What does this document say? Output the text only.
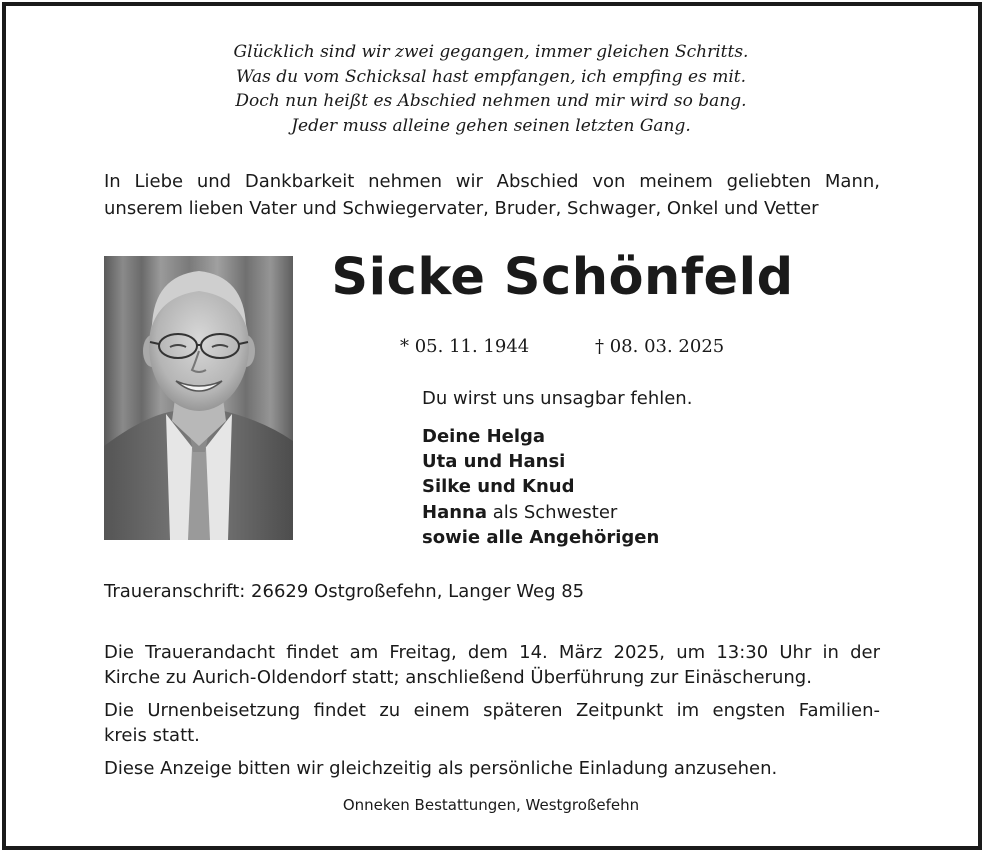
Glücklich sind wir zwei gegangen, immer gleichen Schritts.
Was du vom Schicksal hast empfangen, ich empfing es mit.
Doch nun heißt es Abschied nehmen und mir wird so bang.
Jeder muss alleine gehen seinen letzten Gang.
In Liebe und Dankbarkeit nehmen wir Abschied von meinem geliebten Mann,
unserem lieben Vater und Schwiegervater, Bruder, Schwager, Onkel und Vetter
Sicke Schönfeld
* 05. 11. 1944	† 08. 03. 2025
Du wirst uns unsagbar fehlen.
Deine Helga
Uta und Hansi
Silke und Knud
Hanna als Schwester
sowie alle Angehörigen
Traueranschrift: 26629 Ostgroßefehn, Langer Weg 85
Die Trauerandacht findet am Freitag, dem 14. März 2025, um 13:30 Uhr in der
Kirche zu Aurich-Oldendorf statt; anschließend Überführung zur Einäscherung.
Die Urnenbeisetzung findet zu einem späteren Zeitpunkt im engsten Familien-
kreis statt.
Diese Anzeige bitten wir gleichzeitig als persönliche Einladung anzusehen.
Onneken Bestattungen, Westgroßefehn
